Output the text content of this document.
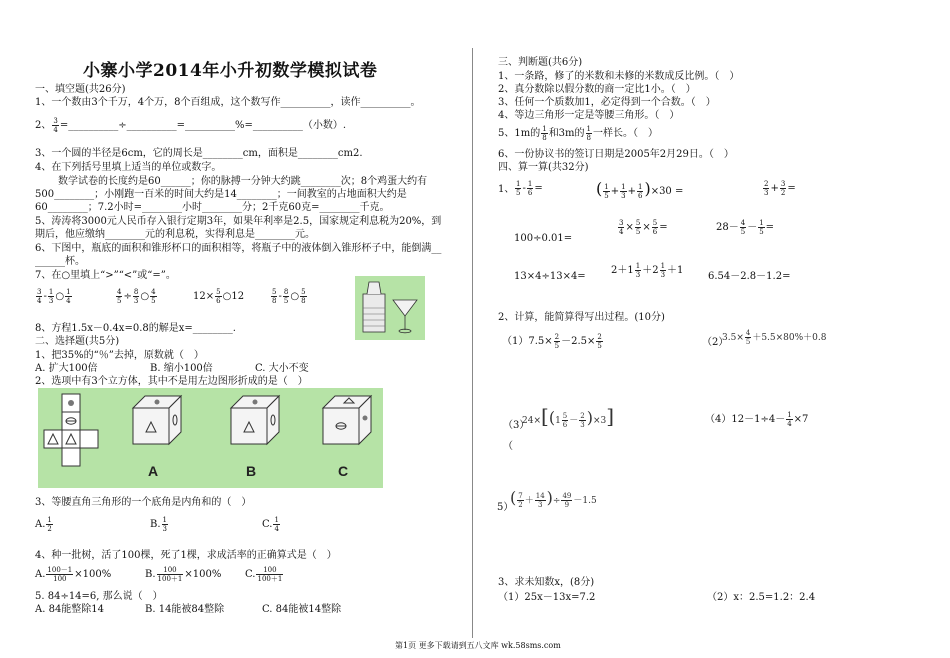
小寨小学2014年小升初数学模拟试卷
一、填空题(共26分)
1、一个数由3个千万，4个万，8个百组成，这个数写作__________，读作__________。
2、 $\frac{3}{4}$ =__________÷__________=__________%=__________（小数）.
3、一个圆的半径是6cm，它的周长是________cm，面积是________cm2.
4、在下列括号里填上适当的单位或数字。
数学试卷的长度约是60______；你的脉搏一分钟大约跳________次；8个鸡蛋大约有
500________；小刚跑一百米的时间大约是14________；一间教室的占地面积大约是
60________；7.2小时=________小时________分；2千克60克=________千克。
5、涛涛将3000元人民币存入银行定期3年，如果年利率是2.5，国家规定利息税为20%，到
期后，他应缴纳________元的利息税，实得利息是________元。
6、下图中，瓶底的面积和锥形杯口的面积相等，将瓶子中的液体倒入锥形杯子中，能倒满__
______杯。
7、在○里填上“>”“<”或“=”。
$\frac{3}{4} - \frac{1}{3}$ ○ $\frac{1}{4}$	$\frac{4}{5} \div \frac{8}{3}$ ○ $\frac{4}{5}$	$12\times \frac{5}{6}$ ○12	$\frac{5}{8} - \frac{8}{5}$ ○ $\frac{5}{8}$
8、方程1.5x－0.4x=0.8的解是x=________.
二、选择题(共5分)
1、把35%的“％”去掉，原数就（　）
A. 扩大100倍	B. 缩小100倍	C. 大小不变
2、选项中有3个立方体，其中不是用左边图形折成的是（　）
A	B	C
3、等腰直角三角形的一个底角是内角和的（　）
A. $\frac{1}{2}$	B. $\frac{1}{3}$	C. $\frac{1}{4}$
4、种一批树，活了100棵，死了1棵，求成活率的正确算式是（　）
A. $\frac{100-1}{100} \times 100\%$	B. $\frac{100}{100+1} \times 100\%$ C. $\frac{100}{100+1}$
5. 84÷14=6, 那么说（　）
A. 84能整除14	B. 14能被84整除	C. 84能被14整除
三、判断题(共6分)
1、一条路，修了的米数和未修的米数成反比例。（　）
2、真分数除以假分数的商一定比1小。（　）
3、任何一个质数加1，必定得到一个合数。（　）
4、等边三角形一定是等腰三角形。（　）
5、1m的 $\frac{1}{8}$ 和3m的 $\frac{1}{8}$ 一样长。（　）
6、一份协议书的签订日期是2005年2月29日。（　）
四、算一算(共32分)
1、 $\frac{1}{5} - \frac{1}{6}$ =	( $\frac{1}{5} + \frac{1}{3} + \frac{1}{6} )\times 30$ =	$\frac{2}{3} + \frac{3}{2}$ =
$\frac{3}{4} \times \frac{5}{5} \times \frac{5}{6}$ =	$28- \frac{4}{5} - \frac{1}{5}$ =
100÷0.01=
13×4÷13×4=
$2+1 \frac{1}{3} +2 \frac{1}{3} +1$
6.54－2.8－1.2=
2、计算，能简算得写出过程。(10分)
$(1)7.5\times \frac{2}{5} -2.5\times \frac{2}{5}$	（2）
$3.5\times \frac{4}{5} +5.5\times 80\%+0.8$
（3）
$24\times[(1 \frac{5}{6} - \frac{2}{3} )\times 3]$	$(4)12-1\div 4- \frac{1}{4} \times 7$
（
5）
( $\frac{7}{2} + \frac{14}{3}$ )÷ $\frac{49}{9} -1.5$
3、求未知数x，(8分)
（1）25x－13x=7.2	（2）x：2.5=1.2：2.4
第1页 更多下载请到五八文库 wk.58sms.com
